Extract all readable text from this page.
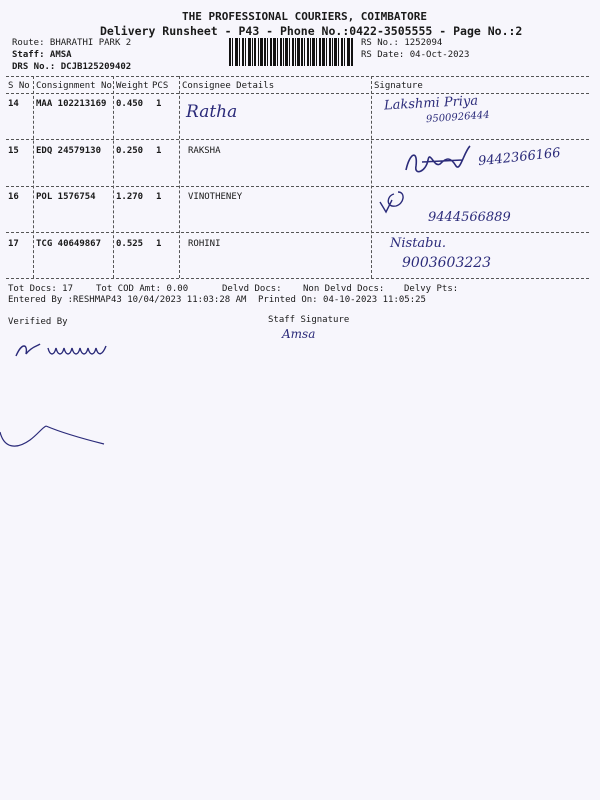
THE PROFESSIONAL COURIERS, COIMBATORE
Delivery Runsheet - P43 - Phone No.:0422-3505555 - Page No.:2
Route: BHARATHI PARK 2
Staff: AMSA
DRS No.: DCJB125209402
RS No.: 1252094
RS Date: 04-Oct-2023
S No Consignment No Weight PCS Consignee Details	Signature
14 MAA 102213169 0.450 1 Ratha	Lakshmi Priya
9500926444
15 EDQ 24579130 0.250 1	RAKSHA	9442366166
16 POL 1576754 1.270 1	VINOTHENEY
9444566889
17 TCG 40649867 0.525 1	ROHINI	Nistabu.
9003603223
Tot Docs: 17	Tot COD Amt: 0.00	Delvd Docs: Non Delvd Docs: Delvy Pts:
Entered By :RESHMAP43 10/04/2023 11:03:28 AM Printed On: 04-10-2023 11:05:25
Verified By	Staff Signature
Amsa
